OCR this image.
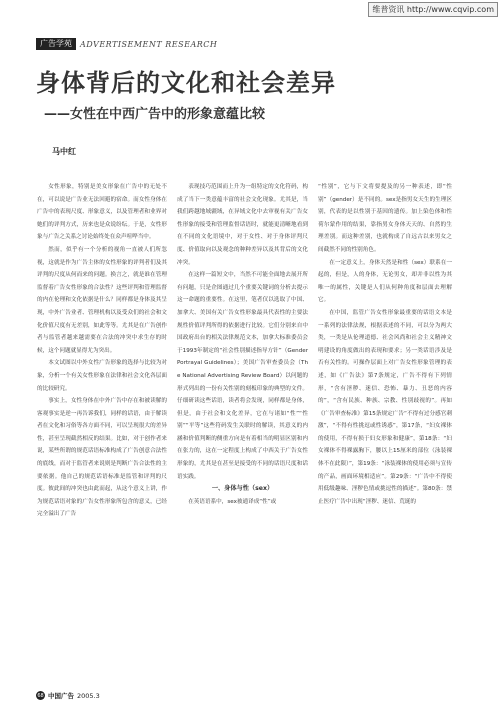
维普资讯 http://www.cqvip.com
广告学苑	ADVERTISEMENT RESEARCH
身体背后的文化和社会差异
——女性在中西广告中的形象意蕴比较
马中红

女性形象，特别是美女形象在广告中的无处不在，可以说是广告业无法回避的宿命。而女性身体在广告中的表现尺度、形象意义，以及管理者和业界对她们的评判方式，历来也是众说纷纭。于是，女性形象与广告之关系之讨论始终处在众声喧哗当中。

然而，似乎有一个分析的视角一直被人们所忽视，这就是作为广告主体的女性形象的评判者们及其评判的尺度从何而来的问题。换言之，就是谁在管理监督着广告女性形象的合法性？这些评判和管理监督的内在伦理和文化依据是什么？同样都是身体及其呈现，中外广告业者、管理机构以及受众们的社会和文化价值尺度有无差别，如此等等。尤其是在广告创作者与监管者越来越需要在合法的冲突中求生存的时候，这个问题就显得尤为突出。

本文试图以中外女性广告形象的选择与比较为对象，分析一个有关女性形象在法律和社会文化各层面的比较研究。

事实上，女性身体在中外广告中存在和被读解的客观事实是逆一再告诉我们，同样的话语，由于解读者在文化和习俗等各方面不同，可以呈现很大的差异性，甚至呈现截然相反的结果。比如，对于创作者来说，某些所谓的规范话语标准构成了广告创意合法性的底线，而对于监管者来说则是判断广告合法性的主要依据。他自己的规范话语标准是监管和评判的尺度。彼此间的冲突也由此而起，从这个意义上讲，作为规范话语对象的广告女性形象所包含的意义，已经完全溢出了广告

表现技巧范围而上升为一组特定的文化符码，构成了当下一类意蕴丰富的社会文化现象。尤其是，当我们跨越地域疆域，在异域文化中去审视有关广告女性形象的接受和管理监督话语时，就能更清晰地看到在不同的文化语境中，对于女性、对于身体评判尺度、价值取向以及观念的种种差异以及其背后的文化冲突。

在这样一篇短文中，当然不可能全面地去展开所有问题，只是企图通过几个重要关键词的分析去提示这一命题的重要性。在这里，笔者仅以选取了中国、加拿大、美国有关广告女性形象最具代表性的主要法规性价值评判所得的依据进行比较。它们分别来自中国政府出台的相关法律规范文本，加拿大标准委员会于1993年制定的“社会性别描述指导方针”（Gender Portrayal Guidelines）；美国广告审查委员会（The National Advertising Review Board）以问题的形式列出的一份有关性别的刻板印象的典型的文件。仔细研读这些话语，读者将会发现，同样都是身体，但是，由于社会和文化差异，它在与诸如“性”“性别”“平等”这些符码发生关联时的解读，其意义的内涵和价值判断的侧重方向是有着相当的明显区别和内在张力的，这在一定程度上构成了中西关于广告女性形象的，尤其是在甚至是接受的不同的话语尺度和话语实践。

一、身体与性（sex）

在英语语系中，sex被通译成“性”或

“性别”，它与下文将要提及的另一种表述，即“性别”（gender）是不同的。sex是指男女天生的生理区别，代表的是以性别于基因的遗传。加上染色体和性荷尔蒙作用的结果，靠指男女身体天天的、自然的生理差别。而这种差别，也就构成了自远古以来男女之间截然不同的性别角色。

在一定意义上，身体天然是和性（sex）联系在一起的，但是，人的身体，无论男女，却并非以性为其唯一的属性，关键是人们从何种角度和层面去理解它。

在中国，监管广告女性形象最重要的话语文本是一系列的法律法规，根据表述的不同，可以分为两大类，一类是从伦理道德、社会风尚和社会主义精神文明建设的角度做出的表现和要求；另一类话语涉及是否有关性的。可操作层面上对广告女性形象管理的表述，如《广告法》第7条规定，广告不得有下列情形，“含有淫秽、迷信、恐怖、暴力、丑恶的内容的”，“含有民族、种族、宗教、性别歧视的”。再如《广告审查标准》第15条规定广告“不得有过分感官刺激”，“不得有性挑逗或性诱惑”，第17条，“妇女裸体的使用，不得有损于妇女形象和健康”，第18条：“妇女裸体不得裸露胸下，腰以上15厘米的部位（泳装裸体不在此限）”，第19条：“泳装裸体的使用必须与宣传的产品，画面环境相适应”。第29条：“广告中不得使用低级趣味、淫秽色情或挑逗性的描述”。第80条：禁止医疗广告中出现“淫秽、迷信、荒诞的

68 中国广告 2005.3
